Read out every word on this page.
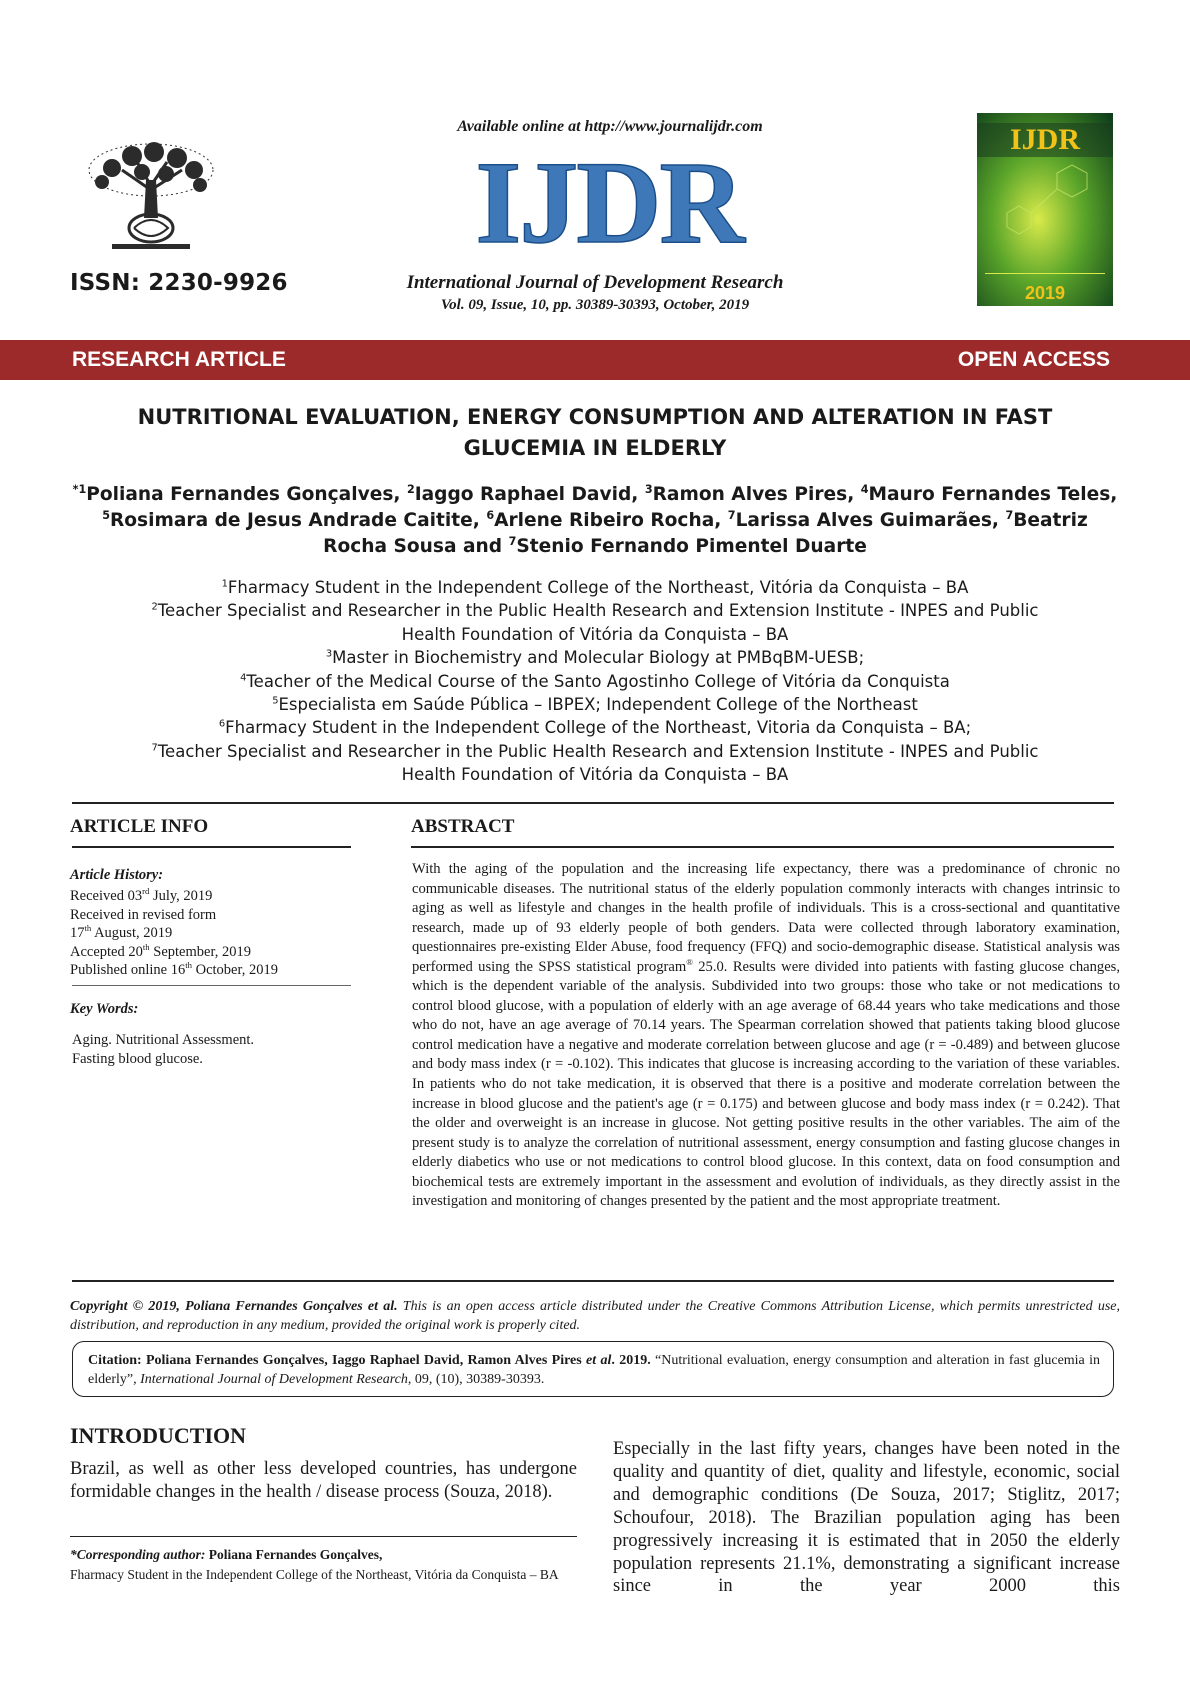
ISSN: 2230-9926
Available online at http://www.journalijdr.com
IJDR
International Journal of Development Research
Vol. 09, Issue, 10, pp. 30389-30393, October, 2019
IJDR
2019
RESEARCH ARTICLE	OPEN ACCESS
NUTRITIONAL EVALUATION, ENERGY CONSUMPTION AND ALTERATION IN FAST GLUCEMIA IN ELDERLY
$^{*1}$Poliana Fernandes Gonçalves, $^2$Iaggo Raphael David, $^3$Ramon Alves Pires, $^4$Mauro Fernandes Teles,
$^5$Rosimara de Jesus Andrade Caitite, $^6$Arlene Ribeiro Rocha, $^7$Larissa Alves Guimarães, $^7$Beatriz Rocha Sousa and $^7$Stenio Fernando Pimentel Duarte
$^1$Fharmacy Student in the Independent College of the Northeast, Vitória da Conquista – BA
$^2$Teacher Specialist and Researcher in the Public Health Research and Extension Institute - INPES and Public Health Foundation of Vitória da Conquista – BA
$^3$Master in Biochemistry and Molecular Biology at PMBqBM-UESB;
$^4$Teacher of the Medical Course of the Santo Agostinho College of Vitória da Conquista
$^5$Especialista em Saúde Pública – IBPEX; Independent College of the Northeast
$^6$Fharmacy Student in the Independent College of the Northeast, Vitoria da Conquista – BA;
$^7$Teacher Specialist and Researcher in the Public Health Research and Extension Institute - INPES and Public Health Foundation of Vitória da Conquista – BA
ARTICLE INFO
Article History:
Received 03rd July, 2019
Received in revised form
17th August, 2019
Accepted 20th September, 2019
Published online 16th October, 2019
Key Words:
Aging. Nutritional Assessment.
Fasting blood glucose.
ABSTRACT

With the aging of the population and the increasing life expectancy, there was a predominance of chronic no communicable diseases. The nutritional status of the elderly population commonly interacts with changes intrinsic to aging as well as lifestyle and changes in the health profile of individuals. This is a cross-sectional and quantitative research, made up of 93 elderly people of both genders. Data were collected through laboratory examination, questionnaires pre-existing Elder Abuse, food frequency (FFQ) and socio-demographic disease. Statistical analysis was performed using the SPSS statistical program® 25.0. Results were divided into patients with fasting glucose changes, which is the dependent variable of the analysis. Subdivided into two groups: those who take or not medications to control blood glucose, with a population of elderly with an age average of 68.44 years who take medications and those who do not, have an age average of 70.14 years. The Spearman correlation showed that patients taking blood glucose control medication have a negative and moderate correlation between glucose and age (r = -0.489) and between glucose and body mass index (r = -0.102). This indicates that glucose is increasing according to the variation of these variables. In patients who do not take medication, it is observed that there is a positive and moderate correlation between the increase in blood glucose and the patient's age (r = 0.175) and between glucose and body mass index (r = 0.242). That the older and overweight is an increase in glucose. Not getting positive results in the other variables. The aim of the present study is to analyze the correlation of nutritional assessment, energy consumption and fasting glucose changes in elderly diabetics who use or not medications to control blood glucose. In this context, data on food consumption and biochemical tests are extremely important in the assessment and evolution of individuals, as they directly assist in the investigation and monitoring of changes presented by the patient and the most appropriate treatment.

Copyright © 2019, Poliana Fernandes Gonçalves et al. This is an open access article distributed under the Creative Commons Attribution License, which permits unrestricted use, distribution, and reproduction in any medium, provided the original work is properly cited.
Citation: Poliana Fernandes Gonçalves, Iaggo Raphael David, Ramon Alves Pires et al. 2019. “Nutritional evaluation, energy consumption and alteration in fast glucemia in elderly”, International Journal of Development Research, 09, (10), 30389-30393.
INTRODUCTION

Brazil, as well as other less developed countries, has undergone formidable changes in the health / disease process (Souza, 2018).

Especially in the last fifty years, changes have been noted in the quality and quantity of diet, quality and lifestyle, economic, social and demographic conditions (De Souza, 2017; Stiglitz, 2017; Schoufour, 2018). The Brazilian population aging has been progressively increasing it is estimated that in 2050 the elderly population represents 21.1%, demonstrating a significant increase since in the year 2000 this

*Corresponding author: Poliana Fernandes Gonçalves,
Fharmacy Student in the Independent College of the Northeast, Vitória da Conquista – BA
